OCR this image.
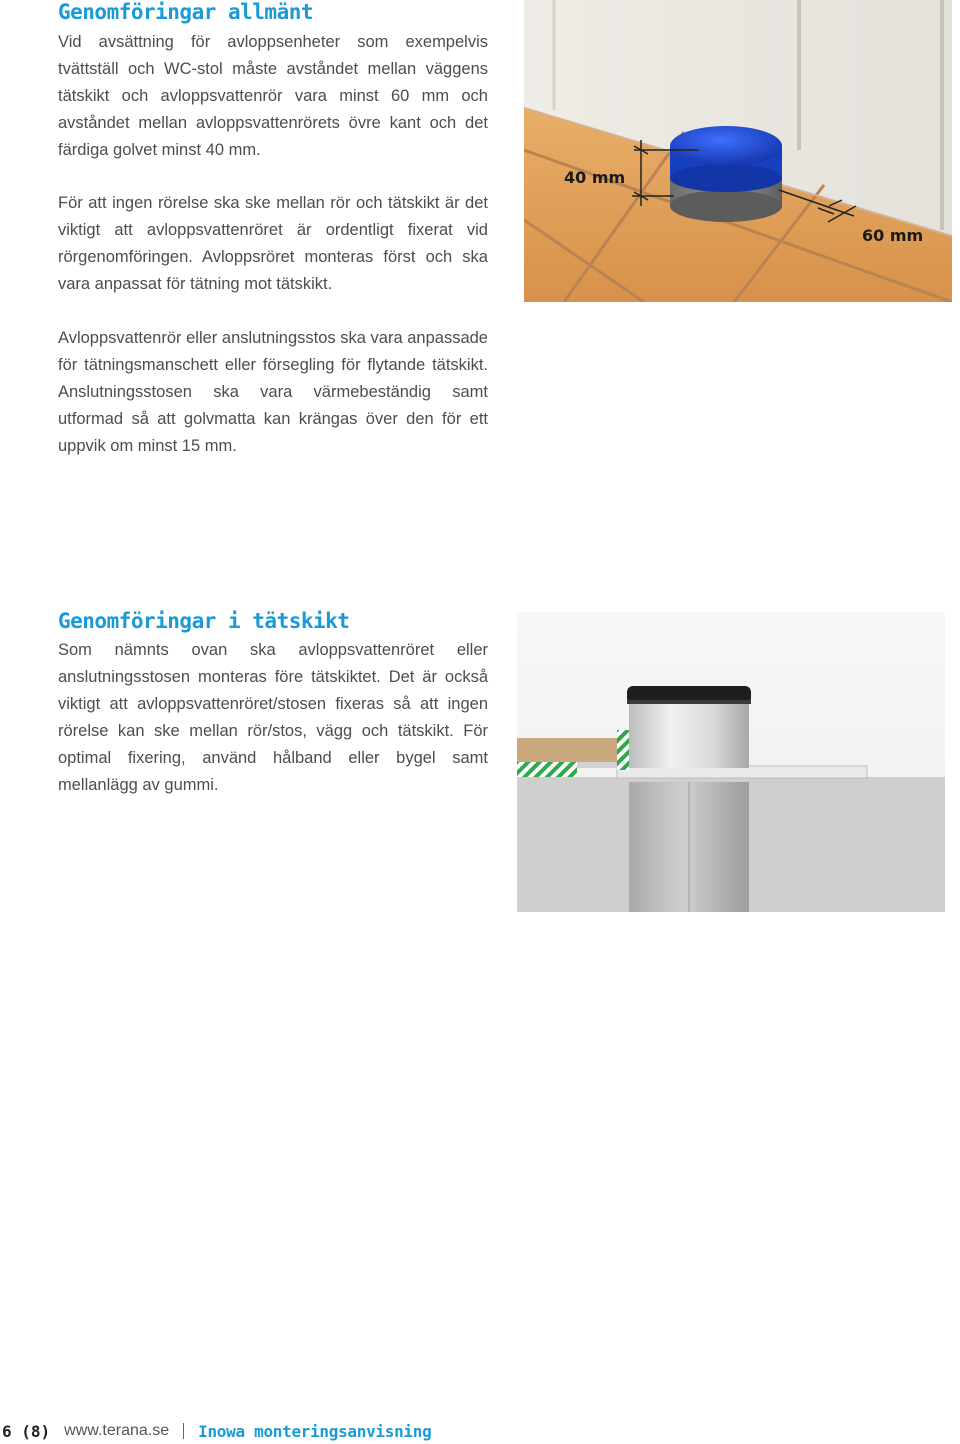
Genomföringar allmänt

Vid avsättning för avloppsenheter som exempelvis tvättställ och WC-stol måste avståndet mellan väggens tätskikt och avloppsvattenrör vara minst 60 mm och avståndet mellan avloppsvattenrörets övre kant och det färdiga golvet minst 40 mm.

För att ingen rörelse ska ske mellan rör och tätskikt är det viktigt att avloppsvattenröret är ordentligt fixerat vid rörgenomföringen. Avloppsröret monteras först och ska vara anpassat för tätning mot tätskikt.

Avloppsvattenrör eller anslutningsstos ska vara anpassade för tätningsmanschett eller försegling för flytande tätskikt. Anslutningsstosen ska vara värmebeständig samt utformad så att golvmatta kan krängas över den för ett uppvik om minst 15 mm.

40 mm
60 mm
Genomföringar i tätskikt

Som nämnts ovan ska avloppsvattenröret eller anslutningsstosen monteras före tätskiktet. Det är också viktigt att avloppsvattenröret/stosen fixeras så att ingen rörelse kan ske mellan rör/stos, vägg och tätskikt. För optimal fixering, använd hålband eller bygel samt mellanlägg av gummi.

6 (8) www.terana.se Inowa monteringsanvisning
